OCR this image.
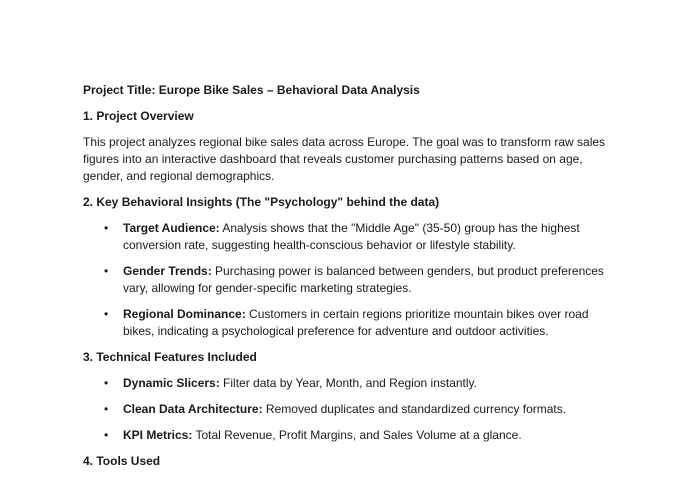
Project Title: Europe Bike Sales – Behavioral Data Analysis
1. Project Overview
This project analyzes regional bike sales data across Europe. The goal was to transform raw sales figures into an interactive dashboard that reveals customer purchasing patterns based on age, gender, and regional demographics.
2. Key Behavioral Insights (The "Psychology" behind the data)
• Target Audience: Analysis shows that the "Middle Age" (35-50) group has the highest conversion rate, suggesting health-conscious behavior or lifestyle stability.
• Gender Trends: Purchasing power is balanced between genders, but product preferences vary, allowing for gender-specific marketing strategies.
• Regional Dominance: Customers in certain regions prioritize mountain bikes over road bikes, indicating a psychological preference for adventure and outdoor activities.
3. Technical Features Included
• Dynamic Slicers: Filter data by Year, Month, and Region instantly.
• Clean Data Architecture: Removed duplicates and standardized currency formats.
• KPI Metrics: Total Revenue, Profit Margins, and Sales Volume at a glance.
4. Tools Used
